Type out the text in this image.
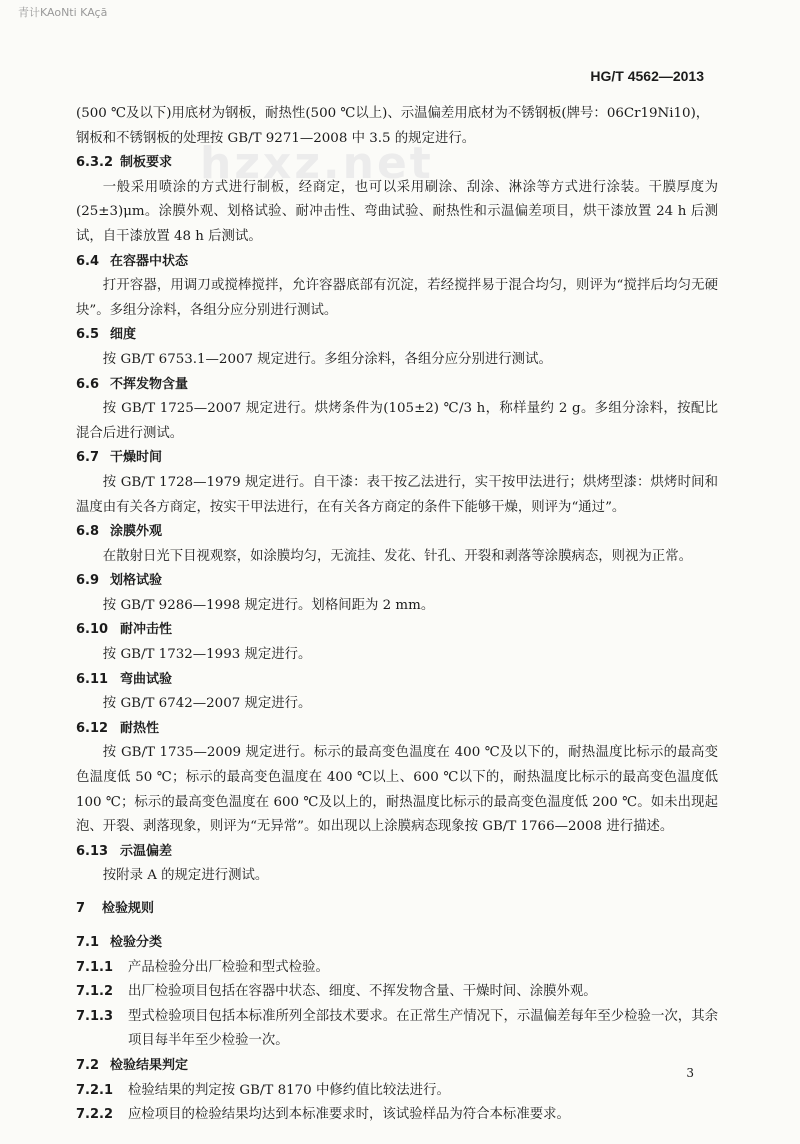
青计KAoNti KAçā
hzxz.net
HG/T 4562—2013

(500 ℃及以下)用底材为钢板，耐热性(500 ℃以上)、示温偏差用底材为不锈钢板(牌号：06Cr19Ni10)，

钢板和不锈钢板的处理按 GB/T 9271—2008 中 3.5 的规定进行。

6.3.2 制板要求

一般采用喷涂的方式进行制板，经商定，也可以采用刷涂、刮涂、淋涂等方式进行涂装。干膜厚度为(25±3)μm。涂膜外观、划格试验、耐冲击性、弯曲试验、耐热性和示温偏差项目，烘干漆放置 24 h 后测试，自干漆放置 48 h 后测试。

6.4 在容器中状态

打开容器，用调刀或搅棒搅拌，允许容器底部有沉淀，若经搅拌易于混合均匀，则评为“搅拌后均匀无硬块”。多组分涂料，各组分应分别进行测试。

6.5 细度

按 GB/T 6753.1—2007 规定进行。多组分涂料，各组分应分别进行测试。

6.6 不挥发物含量

按 GB/T 1725—2007 规定进行。烘烤条件为(105±2) ℃/3 h，称样量约 2 g。多组分涂料，按配比混合后进行测试。

6.7 干燥时间

按 GB/T 1728—1979 规定进行。自干漆：表干按乙法进行，实干按甲法进行；烘烤型漆：烘烤时间和温度由有关各方商定，按实干甲法进行，在有关各方商定的条件下能够干燥，则评为“通过”。

6.8 涂膜外观

在散射日光下目视观察，如涂膜均匀，无流挂、发花、针孔、开裂和剥落等涂膜病态，则视为正常。

6.9 划格试验

按 GB/T 9286—1998 规定进行。划格间距为 2 mm。

6.10 耐冲击性

按 GB/T 1732—1993 规定进行。

6.11 弯曲试验

按 GB/T 6742—2007 规定进行。

6.12 耐热性

按 GB/T 1735—2009 规定进行。标示的最高变色温度在 400 ℃及以下的，耐热温度比标示的最高变色温度低 50 ℃；标示的最高变色温度在 400 ℃以上、600 ℃以下的，耐热温度比标示的最高变色温度低 100 ℃；标示的最高变色温度在 600 ℃及以上的，耐热温度比标示的最高变色温度低 200 ℃。如未出现起泡、开裂、剥落现象，则评为“无异常”。如出现以上涂膜病态现象按 GB/T 1766—2008 进行描述。

6.13 示温偏差

按附录 A 的规定进行测试。

7 检验规则
7.1 检验分类
7.1.1	产品检验分出厂检验和型式检验。
7.1.2	出厂检验项目包括在容器中状态、细度、不挥发物含量、干燥时间、涂膜外观。
7.1.3	型式检验项目包括本标准所列全部技术要求。在正常生产情况下，示温偏差每年至少检验一次，其余项目每半年至少检验一次。
7.2 检验结果判定
7.2.1	检验结果的判定按 GB/T 8170 中修约值比较法进行。
7.2.2	应检项目的检验结果均达到本标准要求时，该试验样品为符合本标准要求。
3
